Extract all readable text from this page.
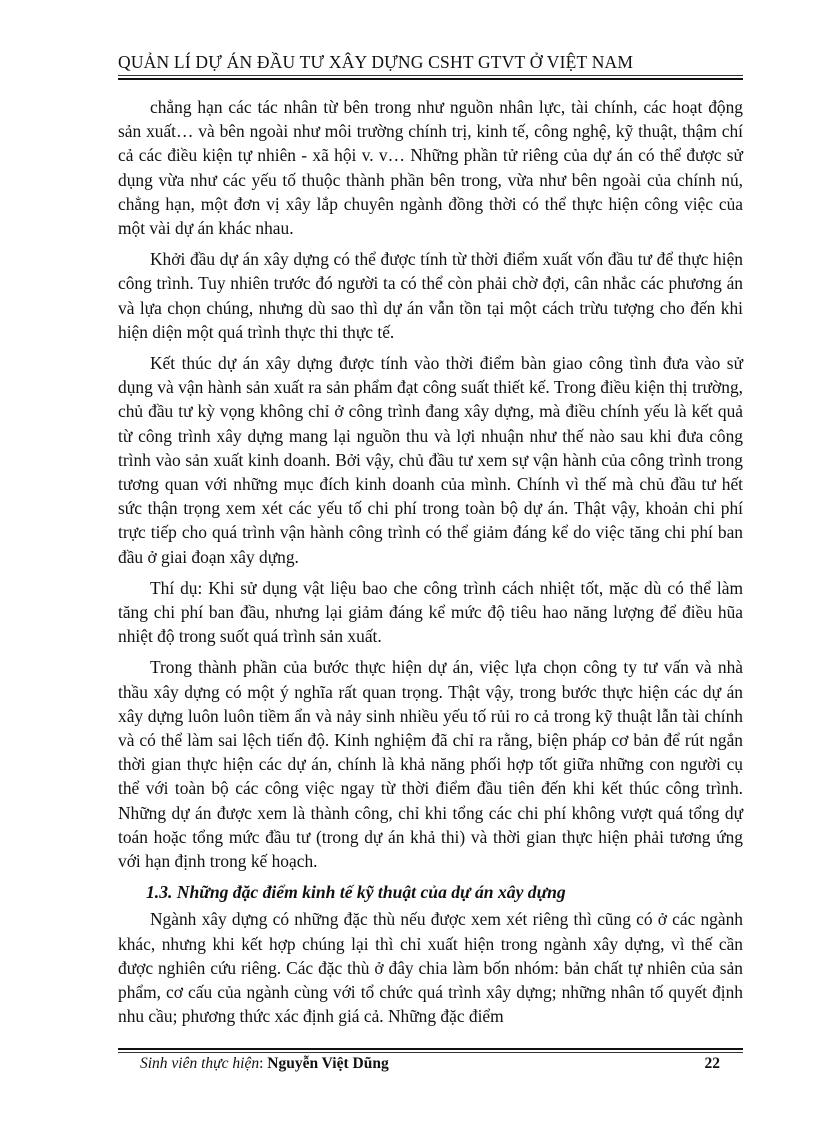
QUẢN LÍ DỰ ÁN ĐẦU TƯ XÂY DỰNG CSHT GTVT Ở VIỆT NAM

chẳng hạn các tác nhân từ bên trong như nguồn nhân lực, tài chính, các hoạt động sản xuất… và bên ngoài như môi trường chính trị, kinh tế, công nghệ, kỹ thuật, thậm chí cả các điều kiện tự nhiên - xã hội v. v… Những phần tử riêng của dự án có thể được sử dụng vừa như các yếu tố thuộc thành phần bên trong, vừa như bên ngoài của chính nú, chẳng hạn, một đơn vị xây lắp chuyên ngành đồng thời có thể thực hiện công việc của một vài dự án khác nhau.

Khởi đầu dự án xây dựng có thể được tính từ thời điểm xuất vốn đầu tư để thực hiện công trình. Tuy nhiên trước đó người ta có thể còn phải chờ đợi, cân nhắc các phương án và lựa chọn chúng, nhưng dù sao thì dự án vẫn tồn tại một cách trừu tượng cho đến khi hiện diện một quá trình thực thi thực tế.

Kết thúc dự án xây dựng được tính vào thời điểm bàn giao công tình đưa vào sử dụng và vận hành sản xuất ra sản phẩm đạt công suất thiết kế. Trong điều kiện thị trường, chủ đầu tư kỳ vọng không chỉ ở công trình đang xây dựng, mà điều chính yếu là kết quả từ công trình xây dựng mang lại nguồn thu và lợi nhuận như thế nào sau khi đưa công trình vào sản xuất kinh doanh. Bởi vậy, chủ đầu tư xem sự vận hành của công trình trong tương quan với những mục đích kinh doanh của mình. Chính vì thế mà chủ đầu tư hết sức thận trọng xem xét các yếu tố chi phí trong toàn bộ dự án. Thật vậy, khoản chi phí trực tiếp cho quá trình vận hành công trình có thể giảm đáng kể do việc tăng chi phí ban đầu ở giai đoạn xây dựng.

Thí dụ: Khi sử dụng vật liệu bao che công trình cách nhiệt tốt, mặc dù có thể làm tăng chi phí ban đầu, nhưng lại giảm đáng kể mức độ tiêu hao năng lượng để điều hũa nhiệt độ trong suốt quá trình sản xuất.

Trong thành phần của bước thực hiện dự án, việc lựa chọn công ty tư vấn và nhà thầu xây dựng có một ý nghĩa rất quan trọng. Thật vậy, trong bước thực hiện các dự án xây dựng luôn luôn tiềm ẩn và nảy sinh nhiều yếu tố rủi ro cả trong kỹ thuật lẫn tài chính và có thể làm sai lệch tiến độ. Kinh nghiệm đã chỉ ra rằng, biện pháp cơ bản để rút ngắn thời gian thực hiện các dự án, chính là khả năng phối hợp tốt giữa những con người cụ thể với toàn bộ các công việc ngay từ thời điểm đầu tiên đến khi kết thúc công trình. Những dự án được xem là thành công, chỉ khi tổng các chi phí không vượt quá tổng dự toán hoặc tổng mức đầu tư (trong dự án khả thi) và thời gian thực hiện phải tương ứng với hạn định trong kế hoạch.

1.3. Những đặc điểm kinh tế kỹ thuật của dự án xây dựng

Ngành xây dựng có những đặc thù nếu được xem xét riêng thì cũng có ở các ngành khác, nhưng khi kết hợp chúng lại thì chỉ xuất hiện trong ngành xây dựng, vì thế cần được nghiên cứu riêng. Các đặc thù ở đây chia làm bốn nhóm: bản chất tự nhiên của sản phẩm, cơ cấu của ngành cùng với tổ chức quá trình xây dựng; những nhân tố quyết định nhu cầu; phương thức xác định giá cả. Những đặc điểm

Sinh viên thực hiện: Nguyễn Việt Dũng	22
